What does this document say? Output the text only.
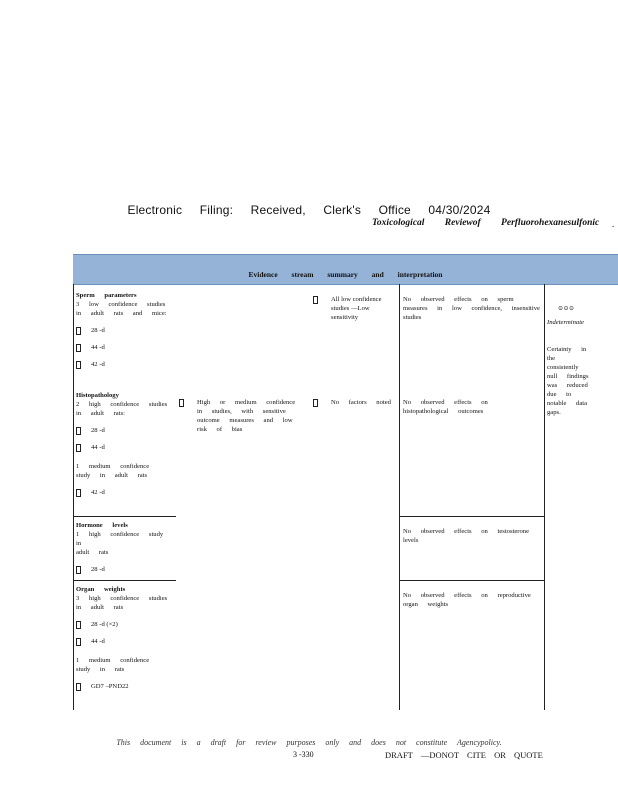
Electronic Filing: Received, Clerk's Office 04/30/2024
Toxicological Reviewof Perfluorohexanesulfonic .
Evidence stream summary and interpretation

Sperm parameters

3 low confidence studies

in adult rats and mice:

28 -d
44 -d
42 -d

Histopathology

2 high confidence studies

in adult rats:

28 -d
44 -d

1 medium confidence

study in adult rats

42 -d

Hormone levels

1 high confidence study in

adult rats

28 -d

Organ weights

3 high confidence studies

in adult rats

28 -d (×2)
44 -d

1 medium confidence

study in rats

GD7 –PND22
High or medium confidence in studies, with sensitive outcome measures and low risk of bias
All low confidence studies —Low sensitivity
No factors noted
No observed effects on sperm measures in low confidence, insensitive studies
No observed effects on histopathological outcomes
No observed effects on testosterone levels
No observed effects on reproductive organ weights
⊙⊙⊙
Indeterminate
Certainty in the consistently null findings was reduced due to notable data gaps.
This document is a draft for review purposes only and does not constitute Agencypolicy.
3 -330	DRAFT —DONOT CITE OR QUOTE
